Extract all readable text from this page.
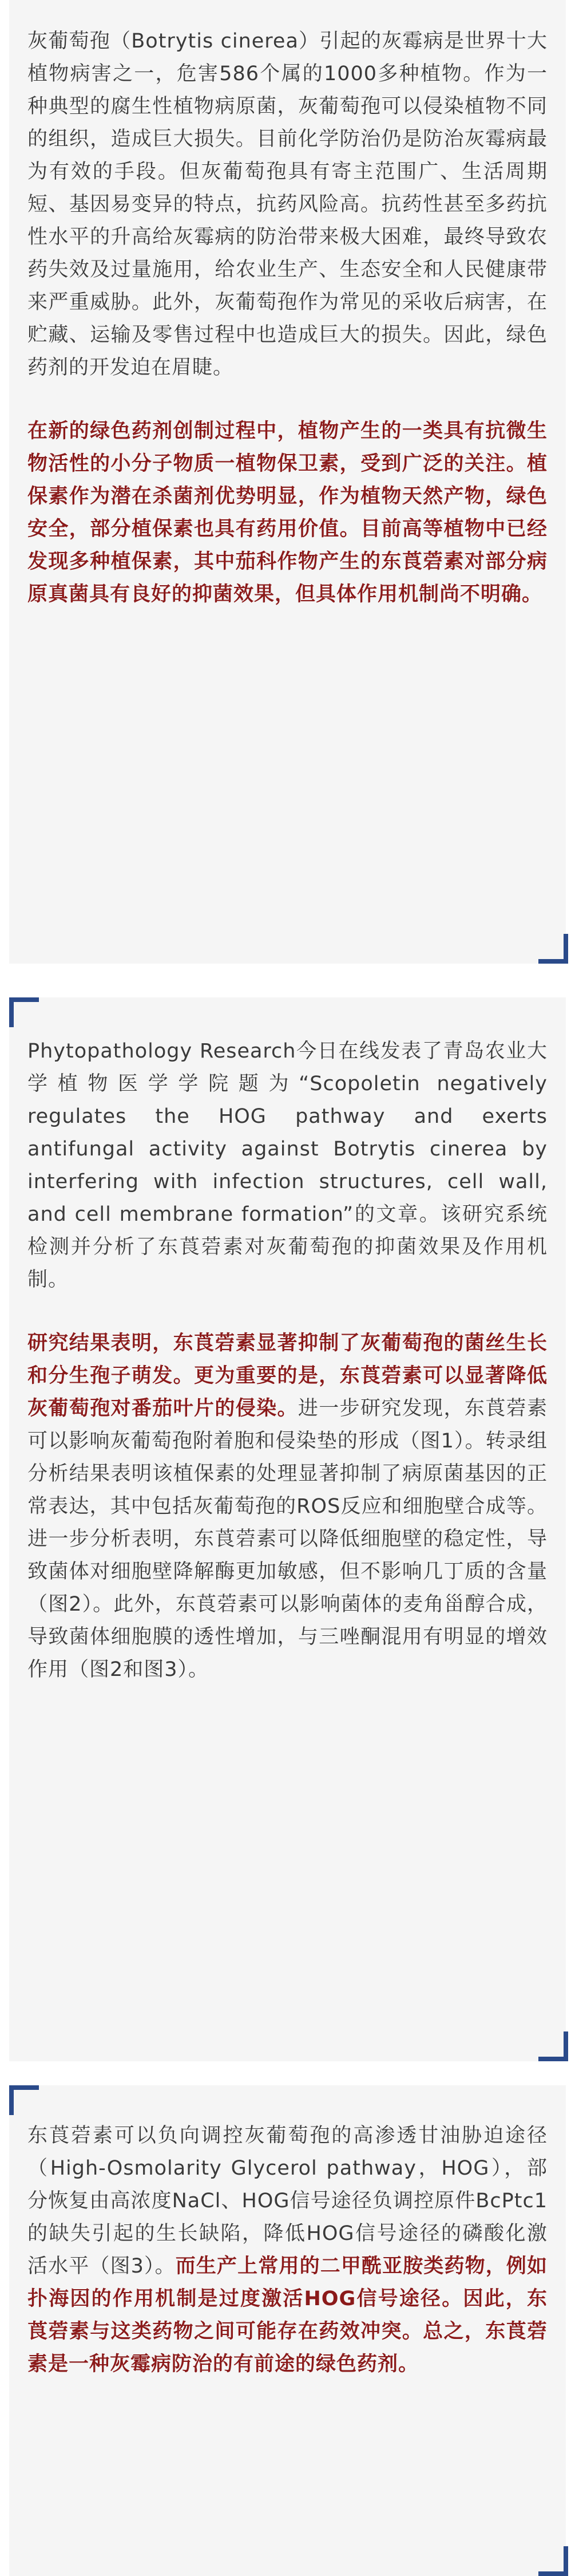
灰葡萄孢（Botrytis cinerea）引起的灰霉病是世界十大植物病害之一，危害586个属的1000多种植物。作为一种典型的腐生性植物病原菌，灰葡萄孢可以侵染植物不同的组织，造成巨大损失。目前化学防治仍是防治灰霉病最为有效的手段。但灰葡萄孢具有寄主范围广、生活周期短、基因易变异的特点，抗药风险高。抗药性甚至多药抗性水平的升高给灰霉病的防治带来极大困难，最终导致农药失效及过量施用，给农业生产、生态安全和人民健康带来严重威胁。此外，灰葡萄孢作为常见的采收后病害，在贮藏、运输及零售过程中也造成巨大的损失。因此，绿色药剂的开发迫在眉睫。

在新的绿色药剂创制过程中，植物产生的一类具有抗微生物活性的小分子物质一植物保卫素，受到广泛的关注。植保素作为潜在杀菌剂优势明显，作为植物天然产物，绿色安全，部分植保素也具有药用价值。目前高等植物中已经发现多种植保素，其中茄科作物产生的东莨菪素对部分病原真菌具有良好的抑菌效果，但具体作用机制尚不明确。

Phytopathology Research今日在线发表了青岛农业大学植物医学学院题为“Scopoletin negatively regulates the HOG pathway and exerts antifungal activity against Botrytis cinerea by interfering with infection structures, cell wall, and cell membrane formation”的文章。该研究系统检测并分析了东莨菪素对灰葡萄孢的抑菌效果及作用机制。

研究结果表明，东莨菪素显著抑制了灰葡萄孢的菌丝生长和分生孢子萌发。更为重要的是，东莨菪素可以显著降低灰葡萄孢对番茄叶片的侵染。进一步研究发现，东莨菪素可以影响灰葡萄孢附着胞和侵染垫的形成（图1）。转录组分析结果表明该植保素的处理显著抑制了病原菌基因的正常表达，其中包括灰葡萄孢的ROS反应和细胞壁合成等。进一步分析表明，东莨菪素可以降低细胞壁的稳定性，导致菌体对细胞壁降解酶更加敏感，但不影响几丁质的含量（图2）。此外，东莨菪素可以影响菌体的麦角甾醇合成，导致菌体细胞膜的透性增加，与三唑酮混用有明显的增效作用（图2和图3）。

东莨菪素可以负向调控灰葡萄孢的高渗透甘油胁迫途径（High-Osmolarity Glycerol pathway，HOG），部分恢复由高浓度NaCl、HOG信号途径负调控原件BcPtc1的缺失引起的生长缺陷，降低HOG信号途径的磷酸化激活水平（图3）。而生产上常用的二甲酰亚胺类药物，例如扑海因的作用机制是过度激活HOG信号途径。因此，东莨菪素与这类药物之间可能存在药效冲突。总之，东莨菪素是一种灰霉病防治的有前途的绿色药剂。
